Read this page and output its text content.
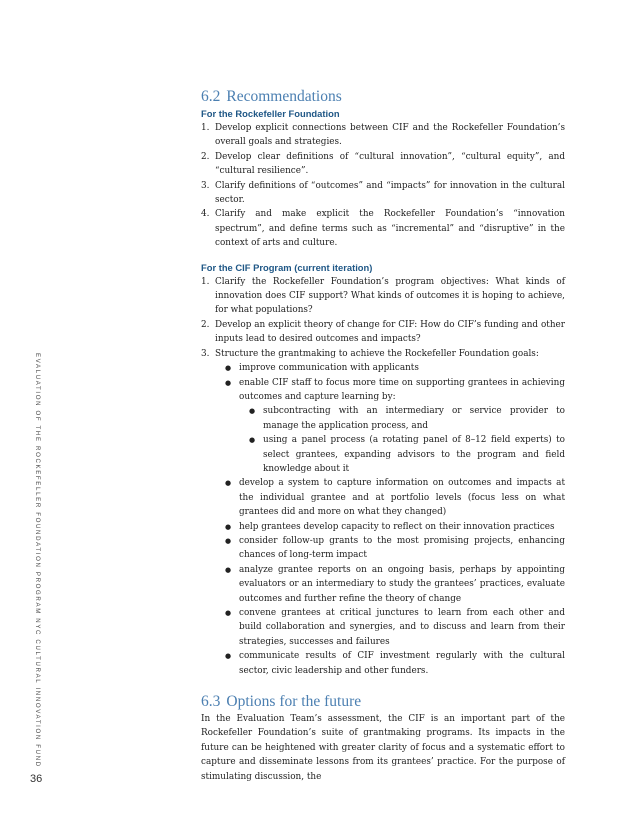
EVALUATION OF THE ROCKEFELLER FOUNDATION PROGRAM NYC CULTURAL INNOVATION FUND
36
6.2 Recommendations
For the Rockefeller Foundation
1. Develop explicit connections between CIF and the Rockefeller Foundation’s overall goals and strategies.
2. Develop clear definitions of “cultural innovation”, “cultural equity”, and “cultural resilience”.
3. Clarify definitions of “outcomes” and “impacts” for innovation in the cultural sector.
4. Clarify and make explicit the Rockefeller Foundation’s “innovation spectrum”, and define terms such as “incremental” and “disruptive” in the context of arts and culture.
For the CIF Program (current iteration)
1. Clarify the Rockefeller Foundation’s program objectives: What kinds of innovation does CIF support? What kinds of outcomes it is hoping to achieve, for what populations?
2. Develop an explicit theory of change for CIF: How do CIF’s funding and other inputs lead to desired outcomes and impacts?
3. Structure the grantmaking to achieve the Rockefeller Foundation goals:
● improve communication with applicants
● enable CIF staff to focus more time on supporting grantees in achieving outcomes and capture learning by:
● subcontracting with an intermediary or service provider to manage the application process, and
● using a panel process (a rotating panel of 8–12 field experts) to select grantees, expanding advisors to the program and field knowledge about it
● develop a system to capture information on outcomes and impacts at the individual grantee and at portfolio levels (focus less on what grantees did and more on what they changed)
● help grantees develop capacity to reflect on their innovation practices
● consider follow-up grants to the most promising projects, enhancing chances of long-term impact
● analyze grantee reports on an ongoing basis, perhaps by appointing evaluators or an intermediary to study the grantees’ practices, evaluate outcomes and further refine the theory of change
● convene grantees at critical junctures to learn from each other and build collaboration and synergies, and to discuss and learn from their strategies, successes and failures
● communicate results of CIF investment regularly with the cultural sector, civic leadership and other funders.
6.3 Options for the future

In the Evaluation Team’s assessment, the CIF is an important part of the Rockefeller Foundation’s suite of grantmaking programs. Its impacts in the future can be heightened with greater clarity of focus and a systematic effort to capture and disseminate lessons from its grantees’ practice. For the purpose of stimulating discussion, the
